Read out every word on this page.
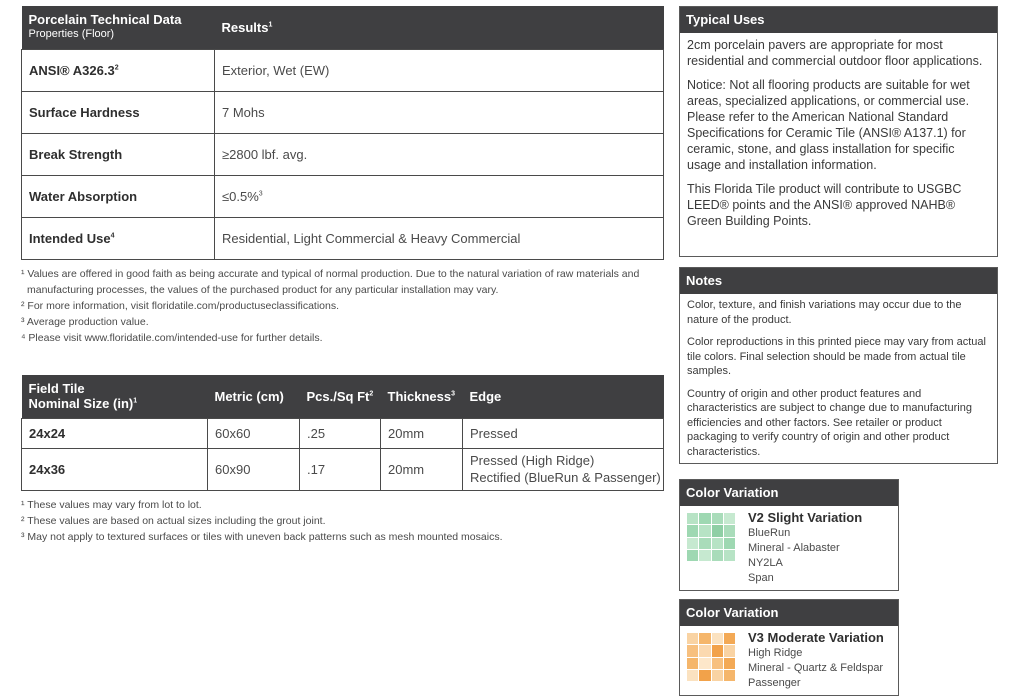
Porcelain Technical Data
Properties (Floor)	Results$^1$
ANSI® A326.3$^2$	Exterior, Wet (EW)
Surface Hardness	7 Mohs
Break Strength	≥2800 lbf. avg.
Water Absorption	≤0.5%$^3$
Intended Use$^4$	Residential, Light Commercial & Heavy Commercial

¹ Values are offered in good faith as being accurate and typical of normal production. Due to the natural variation of raw materials and manufacturing processes, the values of the purchased product for any particular installation may vary.

² For more information, visit floridatile.com/productuseclassifications.

³ Average production value.

⁴ Please visit www.floridatile.com/intended-use for further details.

Field Tile
Nominal Size (in)$^1$	Metric (cm)	Pcs./Sq Ft$^2$	Thickness$^3$	Edge
24x24	60x60	.25	20mm	Pressed
24x36	60x90	.17	20mm	Pressed (High Ridge)
Rectified (BlueRun & Passenger)

¹ These values may vary from lot to lot.

² These values are based on actual sizes including the grout joint.

³ May not apply to textured surfaces or tiles with uneven back patterns such as mesh mounted mosaics.

Typical Uses

2cm porcelain pavers are appropriate for most residential and commercial outdoor floor applications.

Notice: Not all flooring products are suitable for wet areas, specialized applications, or commercial use. Please refer to the American National Standard Specifications for Ceramic Tile (ANSI® A137.1) for ceramic, stone, and glass installation for specific usage and installation information.

This Florida Tile product will contribute to USGBC LEED® points and the ANSI® approved NAHB® Green Building Points.

Notes

Color, texture, and finish variations may occur due to the nature of the product.

Color reproductions in this printed piece may vary from actual tile colors. Final selection should be made from actual tile samples.

Country of origin and other product features and characteristics are subject to change due to manufacturing efficiencies and other factors. See retailer or product packaging to verify country of origin and other product characteristics.

Color Variation
V2 Slight Variation
BlueRun
Mineral - Alabaster
NY2LA
Span
Color Variation
V3 Moderate Variation
High Ridge
Mineral - Quartz & Feldspar
Passenger
